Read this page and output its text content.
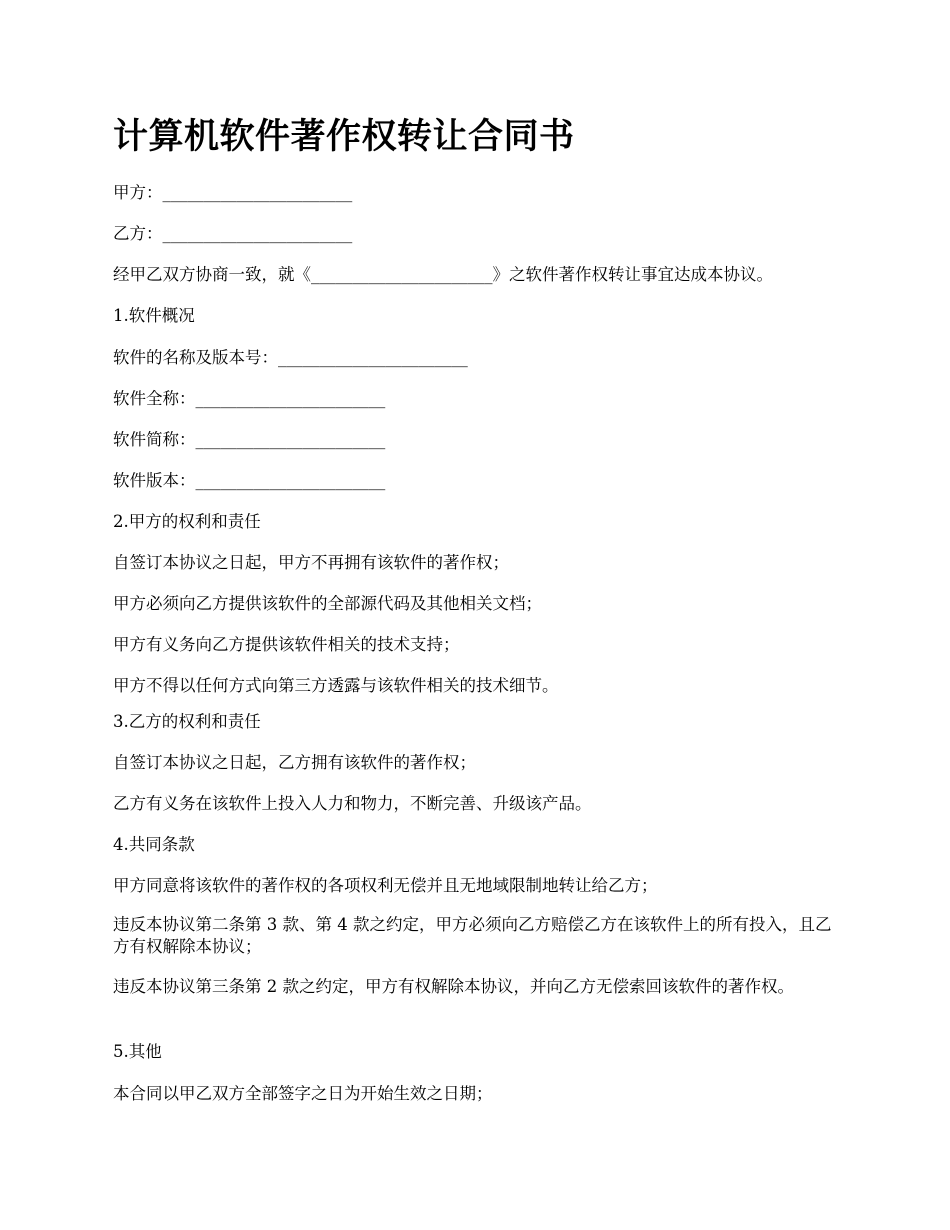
计算机软件著作权转让合同书

甲方：_______________________

乙方：_______________________

经甲乙双方协商一致，就《______________________》之软件著作权转让事宜达成本协议。

1.软件概况

软件的名称及版本号：_______________________

软件全称：_______________________

软件简称：_______________________

软件版本：_______________________

2.甲方的权利和责任

自签订本协议之日起，甲方不再拥有该软件的著作权；

甲方必须向乙方提供该软件的全部源代码及其他相关文档；

甲方有义务向乙方提供该软件相关的技术支持；

甲方不得以任何方式向第三方透露与该软件相关的技术细节。

3.乙方的权利和责任

自签订本协议之日起，乙方拥有该软件的著作权；

乙方有义务在该软件上投入人力和物力，不断完善、升级该产品。

4.共同条款

甲方同意将该软件的著作权的各项权利无偿并且无地域限制地转让给乙方；

违反本协议第二条第 3 款、第 4 款之约定，甲方必须向乙方赔偿乙方在该软件上的所有投入，且乙方有权解除本协议；

违反本协议第三条第 2 款之约定，甲方有权解除本协议，并向乙方无偿索回该软件的著作权。

5.其他

本合同以甲乙双方全部签字之日为开始生效之日期；
